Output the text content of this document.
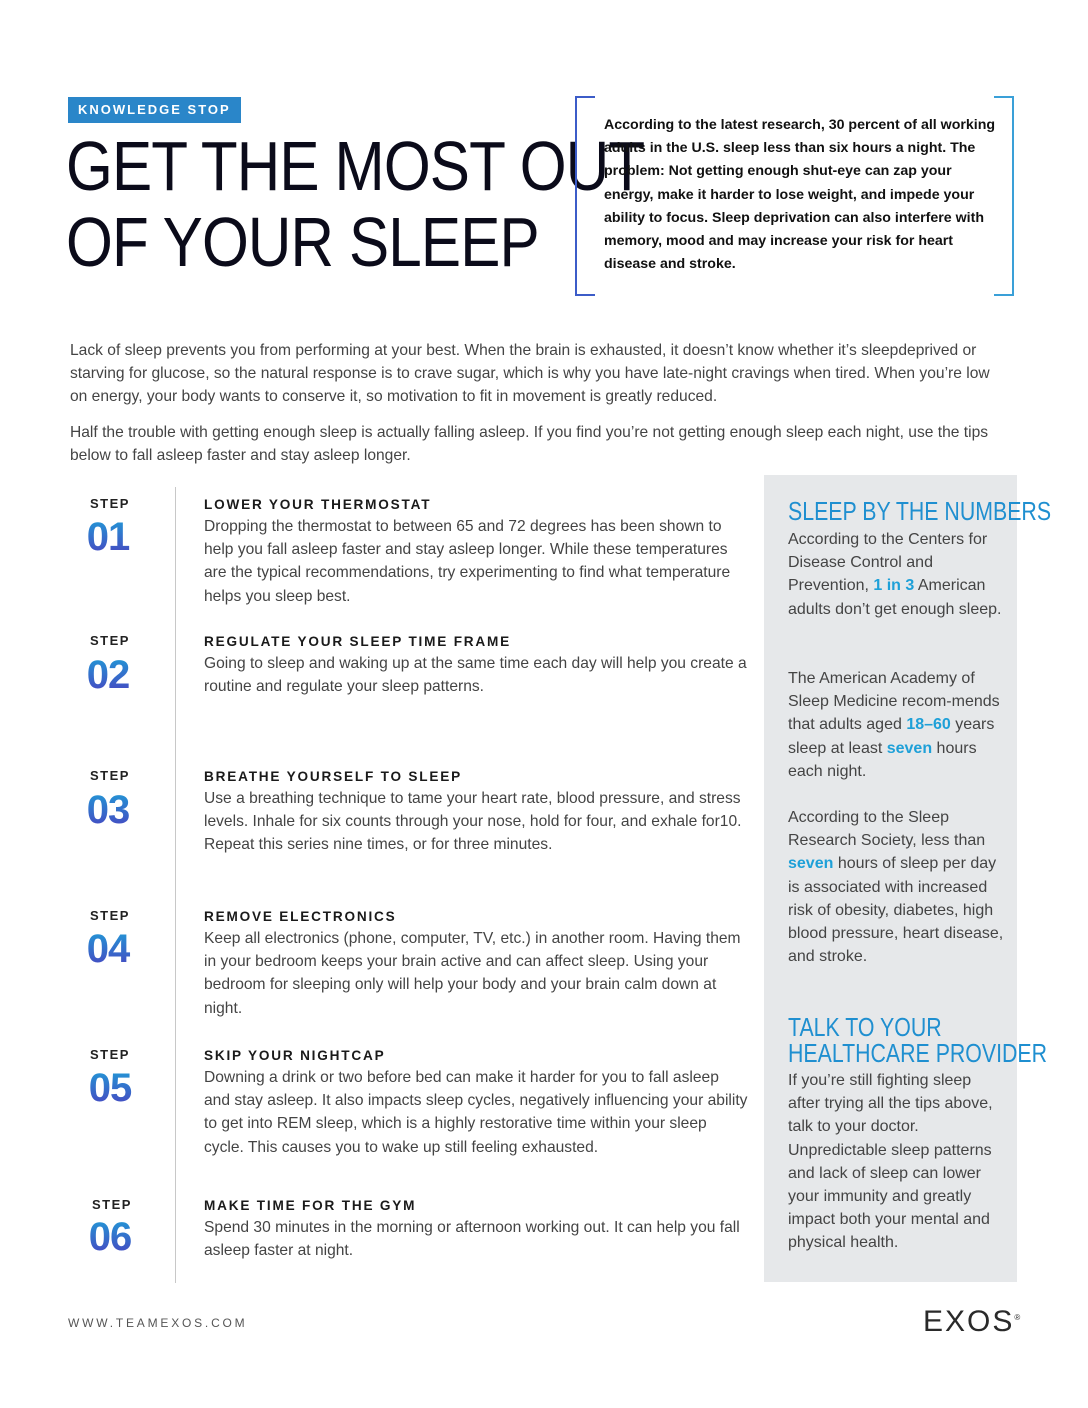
KNOWLEDGE STOP
GET THE MOST OUT
OF YOUR SLEEP
According to the latest research, 30 percent of all working adults in the U.S. sleep less than six hours a night. The problem: Not getting enough shut-eye can zap your energy, make it harder to lose weight, and impede your ability to focus. Sleep deprivation can also interfere with memory, mood and may increase your risk for heart disease and stroke.

Lack of sleep prevents you from performing at your best. When the brain is exhausted, it doesn’t know whether it’s sleepdeprived or starving for glucose, so the natural response is to crave sugar, which is why you have late-night cravings when tired. When you’re low on energy, your body wants to conserve it, so motivation to fit in movement is greatly reduced.

Half the trouble with getting enough sleep is actually falling asleep. If you find you’re not getting enough sleep each night, use the tips below to fall asleep faster and stay asleep longer.

STEP
01
LOWER YOUR THERMOSTAT

Dropping the thermostat to between 65 and 72 degrees has been shown to help you fall asleep faster and stay asleep longer. While these temperatures are the typical recommendations, try experimenting to find what temperature helps you sleep best.

STEP
02
REGULATE YOUR SLEEP TIME FRAME

Going to sleep and waking up at the same time each day will help you create a routine and regulate your sleep patterns.

STEP
03
BREATHE YOURSELF TO SLEEP

Use a breathing technique to tame your heart rate, blood pressure, and stress levels. Inhale for six counts through your nose, hold for four, and exhale for10. Repeat this series nine times, or for three minutes.

STEP
04
REMOVE ELECTRONICS

Keep all electronics (phone, computer, TV, etc.) in another room. Having them in your bedroom keeps your brain active and can affect sleep. Using your bedroom for sleeping only will help your body and your brain calm down at night.

STEP
05
SKIP YOUR NIGHTCAP

Downing a drink or two before bed can make it harder for you to fall asleep and stay asleep. It also impacts sleep cycles, negatively influencing your ability to get into REM sleep, which is a highly restorative time within your sleep cycle. This causes you to wake up still feeling exhausted.

STEP
06
MAKE TIME FOR THE GYM

Spend 30 minutes in the morning or afternoon working out. It can help you fall asleep faster at night.

SLEEP BY THE NUMBERS

According to the Centers for Disease Control and Prevention, 1 in 3 American adults don’t get enough sleep.

The American Academy of Sleep Medicine recom-mends that adults aged 18–60 years sleep at least seven hours each night.

According to the Sleep Research Society, less than seven hours of sleep per day is associated with increased risk of obesity, diabetes, high blood pressure, heart disease, and stroke.

TALK TO YOUR
HEALTHCARE PROVIDER

If you’re still fighting sleep after trying all the tips above, talk to your doctor. Unpredictable sleep patterns and lack of sleep can lower your immunity and greatly impact both your mental and physical health.

WWW.TEAMEXOS.COM	EXOS®
